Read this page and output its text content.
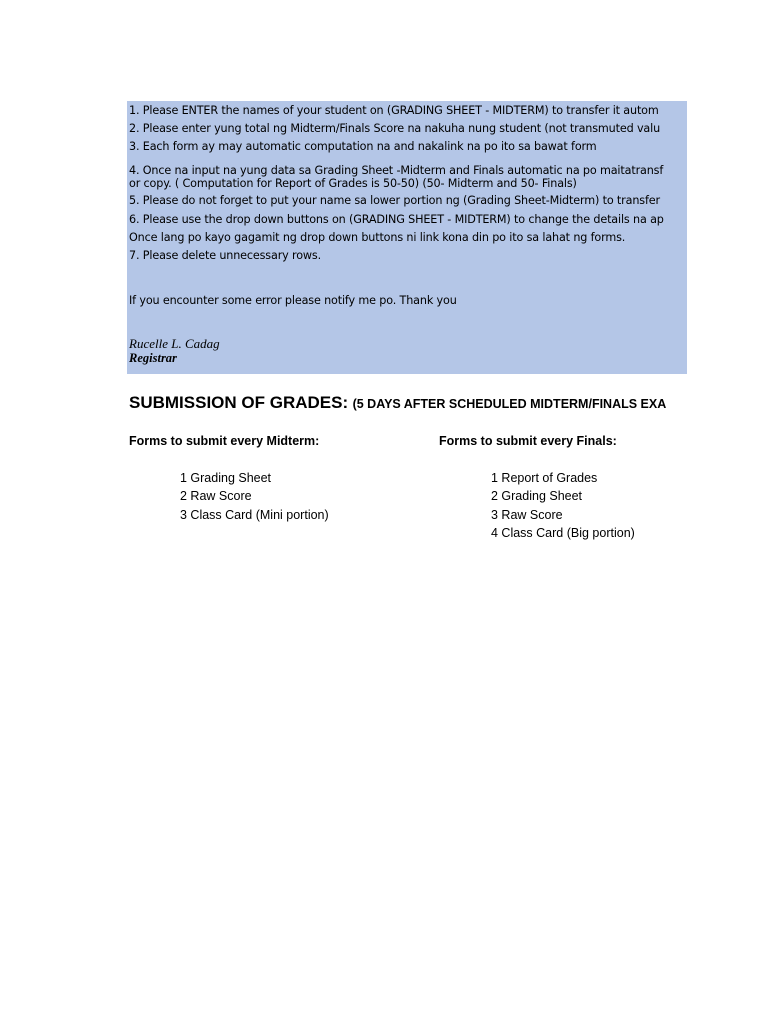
1. Please ENTER the names of your student on (GRADING SHEET - MIDTERM) to transfer it autom
2. Please enter yung total ng Midterm/Finals Score na nakuha nung student (not transmuted valu
3. Each form ay may automatic computation na and nakalink na po ito sa bawat form
4. Once na input na yung data sa Grading Sheet -Midterm and Finals automatic na po maitatransf
or copy. ( Computation for Report of Grades is 50-50) (50- Midterm and 50- Finals)
5. Please do not forget to put your name sa lower portion ng (Grading Sheet-Midterm) to transfer
6. Please use the drop down buttons on (GRADING SHEET - MIDTERM) to change the details na ap
Once lang po kayo gagamit ng drop down buttons ni link kona din po ito sa lahat ng forms.
7. Please delete unnecessary rows.
If you encounter some error please notify me po. Thank you
Rucelle L. Cadag
Registrar
SUBMISSION OF GRADES: (5 DAYS AFTER SCHEDULED MIDTERM/FINALS EXA
Forms to submit every Midterm:	Forms to submit every Finals:
1 Grading Sheet
2 Raw Score
3 Class Card (Mini portion)
1 Report of Grades
2 Grading Sheet
3 Raw Score
4 Class Card (Big portion)
